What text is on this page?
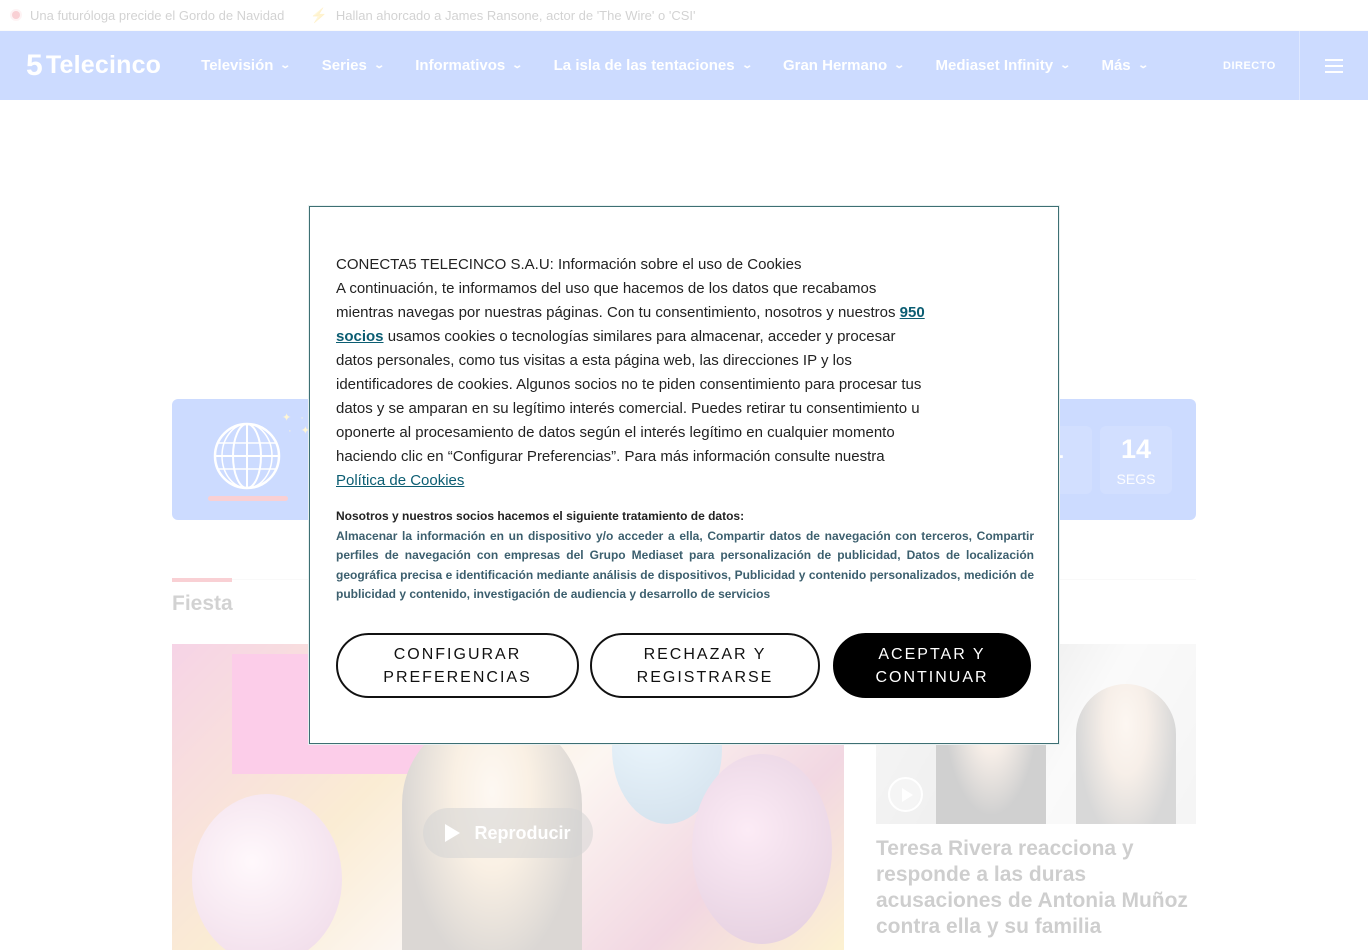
CONECTA5 TELECINCO S.A.U: Información sobre el uso de Cookies
A continuación, te informamos del uso que hacemos de los datos que recabamos mientras navegas por nuestras páginas. Con tu consentimiento, nosotros y nuestros 950 socios usamos cookies o tecnologías similares para almacenar, acceder y procesar datos personales, como tus visitas a esta página web, las direcciones IP y los identificadores de cookies. Algunos socios no te piden consentimiento para procesar tus datos y se amparan en su legítimo interés comercial. Puedes retirar tu consentimiento u oponerte al procesamiento de datos según el interés legítimo en cualquier momento haciendo clic en “Configurar Preferencias”. Para más información consulte nuestra
Política de Cookies
Nosotros y nuestros socios hacemos el siguiente tratamiento de datos:
Almacenar la información en un dispositivo y/o acceder a ella, Compartir datos de navegación con terceros, Compartir perfiles de navegación con empresas del Grupo Mediaset para personalización de publicidad, Datos de localización geográfica precisa e identificación mediante análisis de dispositivos, Publicidad y contenido personalizados, medición de publicidad y contenido, investigación de audiencia y desarrollo de servicios
CONFIGURAR
PREFERENCIAS
RECHAZAR Y
REGISTRARSE
ACEPTAR Y
CONTINUAR
